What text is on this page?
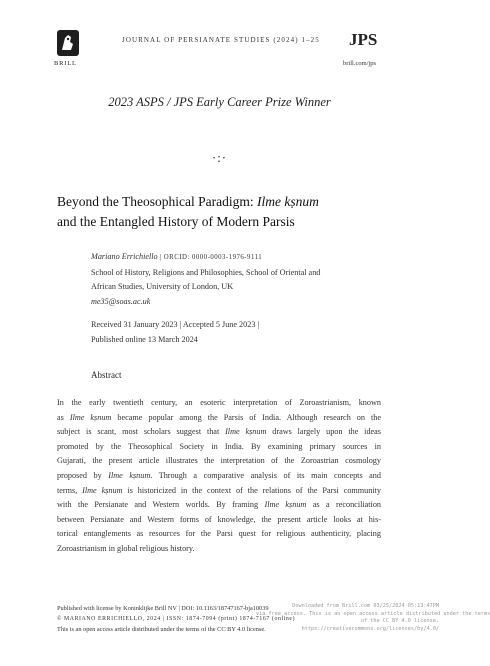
BRILL
JOURNAL OF PERSIANATE STUDIES (2024) 1–25 JPS
brill.com/jps
2023 ASPS / JPS Early Career Prize Winner
·:·
Beyond the Theosophical Paradigm: Ilme kṣnum
and the Entangled History of Modern Parsis
Mariano Errichiello | ORCID: 0000-0003-1976-9111
School of History, Religions and Philosophies, School of Oriental and
African Studies, University of London, UK
me35@soas.ac.uk
Received 31 January 2023 | Accepted 5 June 2023 |
Published online 13 March 2024
Abstract

In the early twentieth century, an esoteric interpretation of Zoroastrianism, known
as Ilme kṣnum became popular among the Parsis of India. Although research on the
subject is scant, most scholars suggest that Ilme kṣnum draws largely upon the ideas
promoted by the Theosophical Society in India. By examining primary sources in
Gujarati, the present article illustrates the interpretation of the Zoroastrian cosmology
proposed by Ilme kṣnum. Through a comparative analysis of its main concepts and
terms, Ilme kṣnum is historicized in the context of the relations of the Parsi community
with the Persianate and Western worlds. By framing Ilme kṣnum as a reconciliation
between Persianate and Western forms of knowledge, the present article looks at his-
torical entanglements as resources for the Parsi quest for religious authenticity, placing
Zoroastrianism in global religious history.

Published with license by Koninklijke Brill NV | DOI: 10.1163/18747167-bja10039
© MARIANO ERRICHIELLO, 2024 | ISSN: 1874-7094 (print) 1874-7167 (online)
This is an open access article distributed under the terms of the CC BY 4.0 license.
Downloaded from Brill.com 03/25/2024 05:13:47PM
via free access. This is an open access article distributed under the terms
of the CC BY 4.0 license.
https://creativecommons.org/licenses/by/4.0/
